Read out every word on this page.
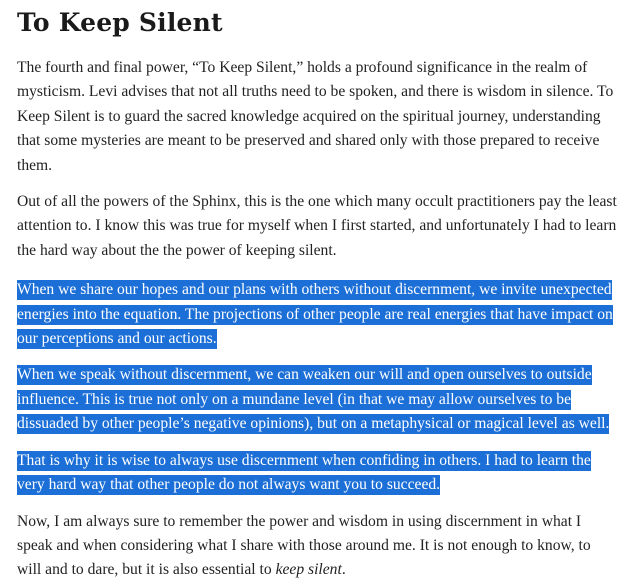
To Keep Silent

The fourth and final power, “To Keep Silent,” holds a profound significance in the realm of mysticism. Levi advises that not all truths need to be spoken, and there is wisdom in silence. To Keep Silent is to guard the sacred knowledge acquired on the spiritual journey, understanding that some mysteries are meant to be preserved and shared only with those prepared to receive them.

Out of all the powers of the Sphinx, this is the one which many occult practitioners pay the least attention to. I know this was true for myself when I first started, and unfortunately I had to learn the hard way about the the power of keeping silent.

When we share our hopes and our plans with others without discernment, we invite unexpected energies into the equation. The projections of other people are real energies that have impact on our perceptions and our actions.

When we speak without discernment, we can weaken our will and open ourselves to outside influence. This is true not only on a mundane level (in that we may allow ourselves to be dissuaded by other people’s negative opinions), but on a metaphysical or magical level as well.

That is why it is wise to always use discernment when confiding in others. I had to learn the very hard way that other people do not always want you to succeed.

Now, I am always sure to remember the power and wisdom in using discernment in what I speak and when considering what I share with those around me. It is not enough to know, to will and to dare, but it is also essential to keep silent.
